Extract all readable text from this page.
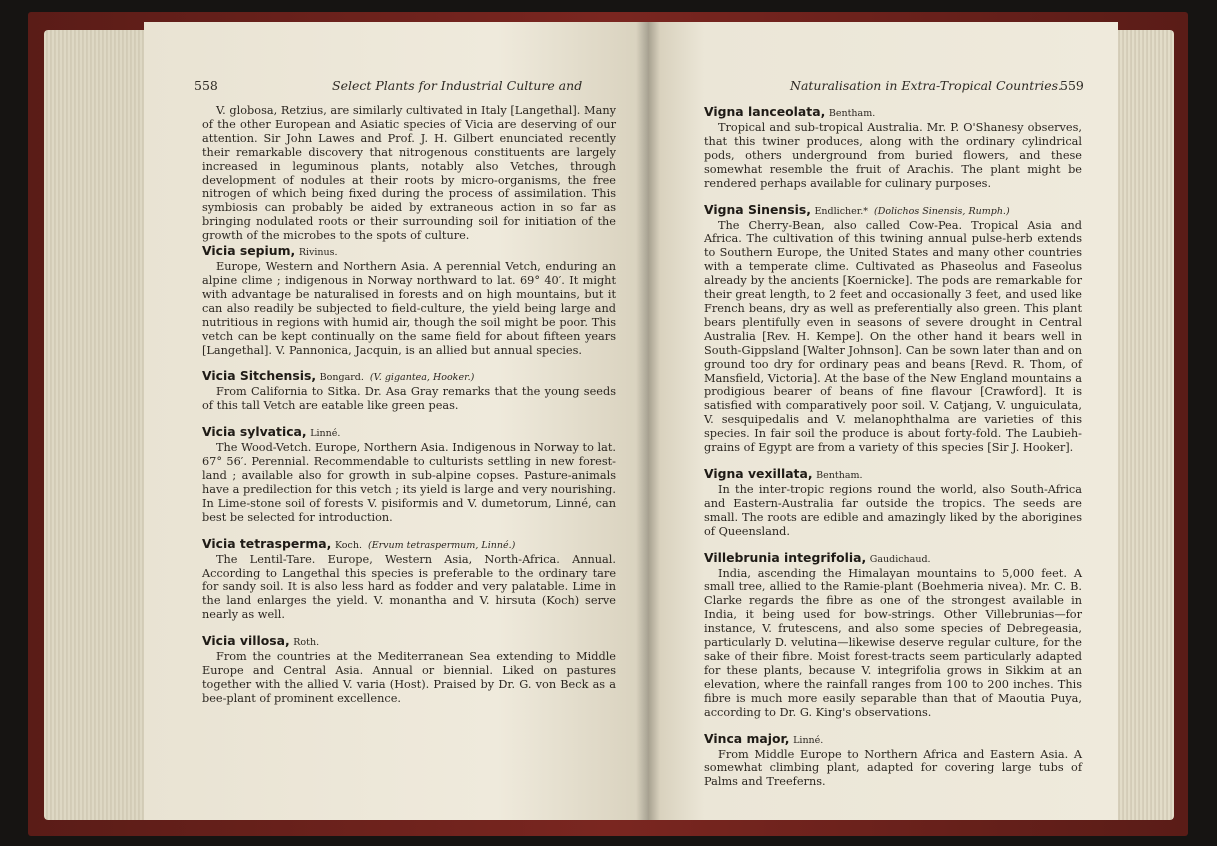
558	Select Plants for Industrial Culture and

V. globosa, Retzius, are similarly cultivated in Italy [Langethal]. Many of the other European and Asiatic species of Vicia are deserving of our attention. Sir John Lawes and Prof. J. H. Gilbert enunciated recently their remarkable discovery that nitrogenous constituents are largely increased in leguminous plants, notably also Vetches, through development of nodules at their roots by micro-organisms, the free nitrogen of which being fixed during the process of assimilation. This symbiosis can probably be aided by extraneous action in so far as bringing nodulated roots or their surrounding soil for initiation of the growth of the microbes to the spots of culture.

Vicia sepium, Rivinus.

Europe, Western and Northern Asia. A perennial Vetch, enduring an alpine clime ; indigenous in Norway northward to lat. 69° 40′. It might with advantage be naturalised in forests and on high mountains, but it can also readily be subjected to field-culture, the yield being large and nutritious in regions with humid air, though the soil might be poor. This vetch can be kept continually on the same field for about fifteen years [Langethal]. V. Pannonica, Jacquin, is an allied but annual species.

Vicia Sitchensis, Bongard. (V. gigantea, Hooker.)

From California to Sitka. Dr. Asa Gray remarks that the young seeds of this tall Vetch are eatable like green peas.

Vicia sylvatica, Linné.

The Wood-Vetch. Europe, Northern Asia. Indigenous in Norway to lat. 67° 56′. Perennial. Recommendable to culturists settling in new forest-land ; available also for growth in sub-alpine copses. Pasture-animals have a predilection for this vetch ; its yield is large and very nourishing. In Lime-stone soil of forests V. pisiformis and V. dumetorum, Linné, can best be selected for introduction.

Vicia tetrasperma, Koch. (Ervum tetraspermum, Linné.)

The Lentil-Tare. Europe, Western Asia, North-Africa. Annual. According to Langethal this species is preferable to the ordinary tare for sandy soil. It is also less hard as fodder and very palatable. Lime in the land enlarges the yield. V. monantha and V. hirsuta (Koch) serve nearly as well.

Vicia villosa, Roth.

From the countries at the Mediterranean Sea extending to Middle Europe and Central Asia. Annual or biennial. Liked on pastures together with the allied V. varia (Host). Praised by Dr. G. von Beck as a bee-plant of prominent excellence.

Naturalisation in Extra-Tropical Countries.
559

Vigna lanceolata, Bentham.

Tropical and sub-tropical Australia. Mr. P. O'Shanesy observes, that this twiner produces, along with the ordinary cylindrical pods, others underground from buried flowers, and these somewhat resemble the fruit of Arachis. The plant might be rendered perhaps available for culinary purposes.

Vigna Sinensis, Endlicher.* (Dolichos Sinensis, Rumph.)

The Cherry-Bean, also called Cow-Pea. Tropical Asia and Africa. The cultivation of this twining annual pulse-herb extends to Southern Europe, the United States and many other countries with a temperate clime. Cultivated as Phaseolus and Faseolus already by the ancients [Koernicke]. The pods are remarkable for their great length, to 2 feet and occasionally 3 feet, and used like French beans, dry as well as preferentially also green. This plant bears plentifully even in seasons of severe drought in Central Australia [Rev. H. Kempe]. On the other hand it bears well in South-Gippsland [Walter Johnson]. Can be sown later than and on ground too dry for ordinary peas and beans [Revd. R. Thom, of Mansfield, Victoria]. At the base of the New England mountains a prodigious bearer of beans of fine flavour [Crawford]. It is satisfied with comparatively poor soil. V. Catjang, V. unguiculata, V. sesquipedalis and V. melanophthalma are varieties of this species. In fair soil the produce is about forty-fold. The Laubieh-grains of Egypt are from a variety of this species [Sir J. Hooker].

Vigna vexillata, Bentham.

In the inter-tropic regions round the world, also South-Africa and Eastern-Australia far outside the tropics. The seeds are small. The roots are edible and amazingly liked by the aborigines of Queensland.

Villebrunia integrifolia, Gaudichaud.

India, ascending the Himalayan mountains to 5,000 feet. A small tree, allied to the Ramie-plant (Boehmeria nivea). Mr. C. B. Clarke regards the fibre as one of the strongest available in India, it being used for bow-strings. Other Villebrunias—for instance, V. frutescens, and also some species of Debregeasia, particularly D. velutina—likewise deserve regular culture, for the sake of their fibre. Moist forest-tracts seem particularly adapted for these plants, because V. integrifolia grows in Sikkim at an elevation, where the rainfall ranges from 100 to 200 inches. This fibre is much more easily separable than that of Maoutia Puya, according to Dr. G. King's observations.

Vinca major, Linné.

From Middle Europe to Northern Africa and Eastern Asia. A somewhat climbing plant, adapted for covering large tubs of Palms and Treeferns.
